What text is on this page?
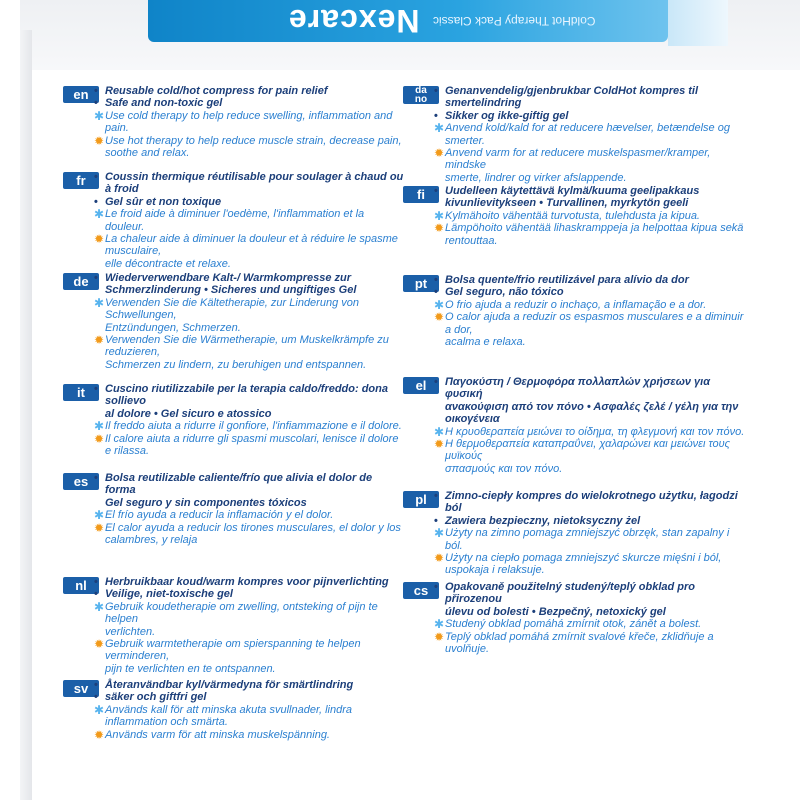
Nexcare ColdHot Therapy Pack Classic
en • Reusable cold/hot compress for pain relief
• Safe and non-toxic gel
✱ Use cold therapy to help reduce swelling, inflammation and pain.
✹ Use hot therapy to help reduce muscle strain, decrease pain,
soothe and relax.
fr • Coussin thermique réutilisable pour soulager à chaud ou à froid
• Gel sûr et non toxique
✱ Le froid aide à diminuer l'oedème, l'inflammation et la douleur.
✹ La chaleur aide à diminuer la douleur et à réduire le spasme musculaire,
elle décontracte et relaxe.
de • Wiederverwendbare Kalt-/ Warmkompresse zur
Schmerzlinderung • Sicheres und ungiftiges Gel
✱ Verwenden Sie die Kältetherapie, zur Linderung von Schwellungen,
Entzündungen, Schmerzen.
✹ Verwenden Sie die Wärmetherapie, um Muskelkrämpfe zu reduzieren,
Schmerzen zu lindern, zu beruhigen und entspannen.
it • Cuscino riutilizzabile per la terapia caldo/freddo: dona sollievo
al dolore • Gel sicuro e atossico
✱ Il freddo aiuta a ridurre il gonfiore, l'infiammazione e il dolore.
✹ Il calore aiuta a ridurre gli spasmi muscolari, lenisce il dolore e rilassa.
es • Bolsa reutilizable caliente/frío que alivia el dolor de forma
Gel seguro y sin componentes tóxicos
✱ El frío ayuda a reducir la inflamación y el dolor.
✹ El calor ayuda a reducir los tirones musculares, el dolor y los
calambres, y relaja
nl • Herbruikbaar koud/warm kompres voor pijnverlichting
• Veilige, niet-toxische gel
✱ Gebruik koudetherapie om zwelling, ontsteking of pijn te helpen
verlichten.
✹ Gebruik warmtetherapie om spierspanning te helpen verminderen,
pijn te verlichten en te ontspannen.
sv • Återanvändbar kyl/värmedyna för smärtlindring
• säker och giftfri gel
✱ Används kall för att minska akuta svullnader, lindra inflammation och smärta.
✹ Används varm för att minska muskelspänning.
da
no
• Genanvendelig/gjenbrukbar ColdHot kompres til smertelindring
• Sikker og ikke-giftig gel
✱ Anvend kold/kald for at reducere hævelser, betændelse og smerter.
✹ Anvend varm for at reducere muskelspasmer/kramper, mindske
smerte, lindrer og virker afslappende.
fi • Uudelleen käytettävä kylmä/kuuma geelipakkaus
kivunlievitykseen • Turvallinen, myrkytön geeli
✱ Kylmähoito vähentää turvotusta, tulehdusta ja kipua.
✹ Lämpöhoito vähentää lihaskramppeja ja helpottaa kipua sekä rentouttaa.
pt • Bolsa quente/frio reutilizável para alívio da dor
• Gel seguro, não tóxico
✱ O frio ajuda a reduzir o inchaço, a inflamação e a dor.
✹ O calor ajuda a reduzir os espasmos musculares e a diminuir a dor,
acalma e relaxa.
el • Παγοκύστη / Θερμοφόρα πολλαπλών χρήσεων για φυσική
ανακούφιση από τον πόνο • Ασφαλές ζελέ / γέλη για την
οικογένεια
✱ Η κρυοθεραπεία μειώνει το οίδημα, τη φλεγμονή και τον πόνο.
✹ Η θερμοθεραπεία καταπραΰνει, χαλαρώνει και μειώνει τους μυϊκούς
σπασμούς και τον πόνο.
pl • Zimno-ciepły kompres do wielokrotnego użytku, łagodzi ból
• Zawiera bezpieczny, nietoksyczny żel
✱ Użyty na zimno pomaga zmniejszyć obrzęk, stan zapalny i ból.
✹ Użyty na ciepło pomaga zmniejszyć skurcze mięśni i ból, uspokaja i relaksuje.
cs • Opakovaně použitelný studený/teplý obklad pro přirozenou
úlevu od bolesti • Bezpečný, netoxický gel
✱ Studený obklad pomáhá zmírnit otok, zánět a bolest.
✹ Teplý obklad pomáhá zmírnit svalové křeče, zklidňuje a uvolňuje.
